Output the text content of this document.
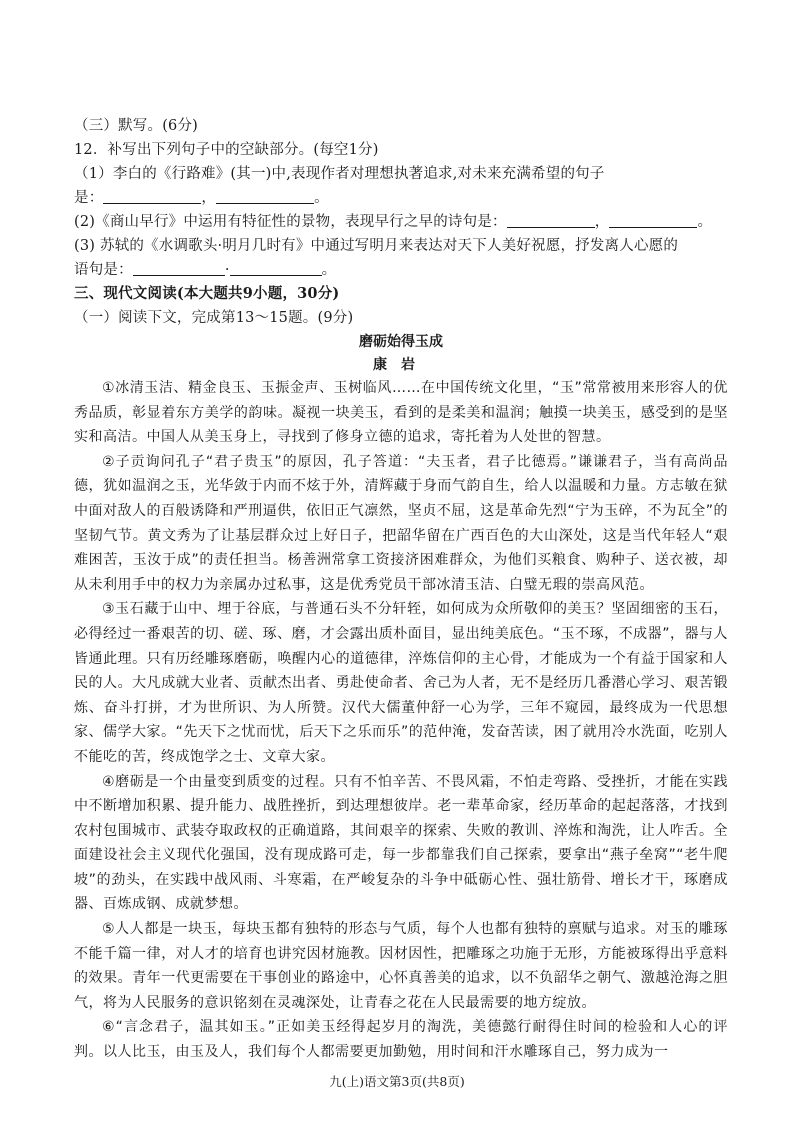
（三）默写。(6分)
12．补写出下列句子中的空缺部分。(每空1分)
（1）李白的《行路难》(其一)中,表现作者对理想执著追求,对未来充满希望的句子
是：	，	。
(2)《商山早行》中运用有特征性的景物，表现早行之早的诗句是：	，	。
(3) 苏轼的《水调歌头·明月几时有》中通过写明月来表达对天下人美好祝愿，抒发离人心愿的
语句是：	·	。
三、现代文阅读(本大题共9小题，30分)
（一）阅读下文，完成第13～15题。(9分)
磨砺始得玉成
康岩

①冰清玉洁、精金良玉、玉振金声、玉树临风……在中国传统文化里，“玉”常常被用来形容人的优秀品质，彰显着东方美学的韵味。凝视一块美玉，看到的是柔美和温润；触摸一块美玉，感受到的是坚实和高洁。中国人从美玉身上，寻找到了修身立德的追求，寄托着为人处世的智慧。

②子贡询问孔子“君子贵玉”的原因，孔子答道：“夫玉者，君子比德焉。”谦谦君子，当有高尚品德，犹如温润之玉，光华敛于内而不炫于外，清辉藏于身而气韵自生，给人以温暖和力量。方志敏在狱中面对敌人的百般诱降和严刑逼供，依旧正气凛然，坚贞不屈，这是革命先烈“宁为玉碎，不为瓦全”的坚韧气节。黄文秀为了让基层群众过上好日子，把韶华留在广西百色的大山深处，这是当代年轻人“艰难困苦，玉汝于成”的责任担当。杨善洲常拿工资接济困难群众，为他们买粮食、购种子、送衣被，却从未利用手中的权力为亲属办过私事，这是优秀党员干部冰清玉洁、白璧无瑕的崇高风范。

③玉石藏于山中、埋于谷底，与普通石头不分轩轾，如何成为众所敬仰的美玉？坚固细密的玉石，必得经过一番艰苦的切、磋、琢、磨，才会露出质朴面目，显出纯美底色。“玉不琢，不成器”，器与人皆通此理。只有历经雕琢磨砺，唤醒内心的道德律，淬炼信仰的主心骨，才能成为一个有益于国家和人民的人。大凡成就大业者、贡献杰出者、勇赴使命者、舍己为人者，无不是经历几番潜心学习、艰苦锻炼、奋斗打拼，才为世所识、为人所赞。汉代大儒董仲舒一心为学，三年不窥园，最终成为一代思想家、儒学大家。“先天下之忧而忧，后天下之乐而乐”的范仲淹，发奋苦读，困了就用冷水洗面，吃别人不能吃的苦，终成饱学之士、文章大家。

④磨砺是一个由量变到质变的过程。只有不怕辛苦、不畏风霜，不怕走弯路、受挫折，才能在实践中不断增加积累、提升能力、战胜挫折，到达理想彼岸。老一辈革命家，经历革命的起起落落，才找到农村包围城市、武装夺取政权的正确道路，其间艰辛的探索、失败的教训、淬炼和淘洗，让人咋舌。全面建设社会主义现代化强国，没有现成路可走，每一步都靠我们自己探索，要拿出“燕子垒窝”“老牛爬坡”的劲头，在实践中战风雨、斗寒霜，在严峻复杂的斗争中砥砺心性、强壮筋骨、增长才干，琢磨成器、百炼成钢、成就梦想。

⑤人人都是一块玉，每块玉都有独特的形态与气质，每个人也都有独特的禀赋与追求。对玉的雕琢不能千篇一律，对人才的培育也讲究因材施教。因材因性，把雕琢之功施于无形，方能被琢得出乎意料的效果。青年一代更需要在干事创业的路途中，心怀真善美的追求，以不负韶华之朝气、激越沧海之胆气，将为人民服务的意识铭刻在灵魂深处，让青春之花在人民最需要的地方绽放。

⑥“言念君子，温其如玉。”正如美玉经得起岁月的淘洗，美德懿行耐得住时间的检验和人心的评判。以人比玉，由玉及人，我们每个人都需要更加勤勉，用时间和汗水雕琢自己，努力成为一

九(上)语文第3页(共8页)
